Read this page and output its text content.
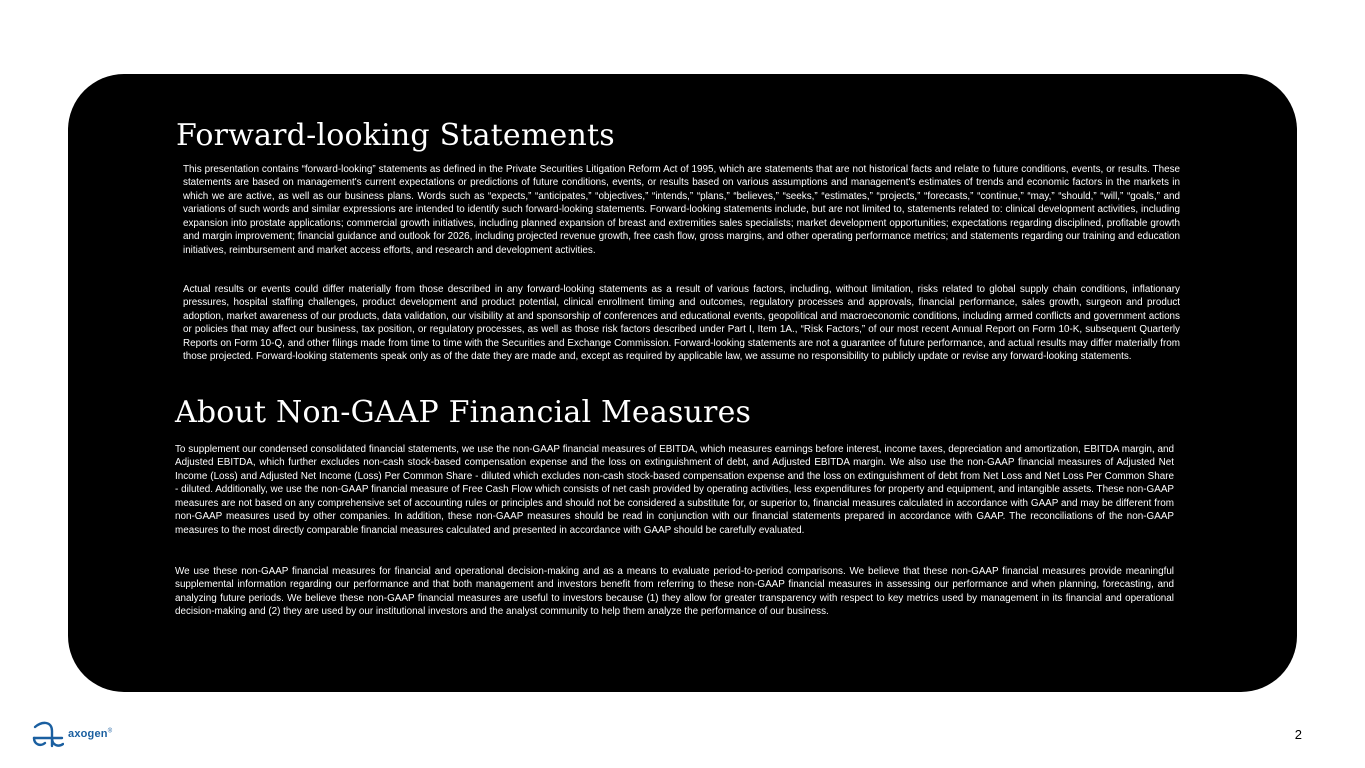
Forward-looking Statements

This presentation contains “forward-looking” statements as defined in the Private Securities Litigation Reform Act of 1995, which are statements that are not historical facts and relate to future conditions, events, or results. These statements are based on management's current expectations or predictions of future conditions, events, or results based on various assumptions and management's estimates of trends and economic factors in the markets in which we are active, as well as our business plans. Words such as “expects,” “anticipates,” “objectives,” “intends,” “plans,” “believes,” “seeks,” “estimates,” “projects,” “forecasts,” “continue,” “may,” “should,” “will,” “goals,” and variations of such words and similar expressions are intended to identify such forward-looking statements. Forward-looking statements include, but are not limited to, statements related to: clinical development activities, including expansion into prostate applications; commercial growth initiatives, including planned expansion of breast and extremities sales specialists; market development opportunities; expectations regarding disciplined, profitable growth and margin improvement; financial guidance and outlook for 2026, including projected revenue growth, free cash flow, gross margins, and other operating performance metrics; and statements regarding our training and education initiatives, reimbursement and market access efforts, and research and development activities.

Actual results or events could differ materially from those described in any forward-looking statements as a result of various factors, including, without limitation, risks related to global supply chain conditions, inflationary pressures, hospital staffing challenges, product development and product potential, clinical enrollment timing and outcomes, regulatory processes and approvals, financial performance, sales growth, surgeon and product adoption, market awareness of our products, data validation, our visibility at and sponsorship of conferences and educational events, geopolitical and macroeconomic conditions, including armed conflicts and government actions or policies that may affect our business, tax position, or regulatory processes, as well as those risk factors described under Part I, Item 1A., “Risk Factors,” of our most recent Annual Report on Form 10-K, subsequent Quarterly Reports on Form 10-Q, and other filings made from time to time with the Securities and Exchange Commission. Forward-looking statements are not a guarantee of future performance, and actual results may differ materially from those projected. Forward-looking statements speak only as of the date they are made and, except as required by applicable law, we assume no responsibility to publicly update or revise any forward-looking statements.

About Non-GAAP Financial Measures

To supplement our condensed consolidated financial statements, we use the non-GAAP financial measures of EBITDA, which measures earnings before interest, income taxes, depreciation and amortization, EBITDA margin, and Adjusted EBITDA, which further excludes non-cash stock-based compensation expense and the loss on extinguishment of debt, and Adjusted EBITDA margin. We also use the non-GAAP financial measures of Adjusted Net Income (Loss) and Adjusted Net Income (Loss) Per Common Share - diluted which excludes non-cash stock-based compensation expense and the loss on extinguishment of debt from Net Loss and Net Loss Per Common Share - diluted. Additionally, we use the non-GAAP financial measure of Free Cash Flow which consists of net cash provided by operating activities, less expenditures for property and equipment, and intangible assets. These non-GAAP measures are not based on any comprehensive set of accounting rules or principles and should not be considered a substitute for, or superior to, financial measures calculated in accordance with GAAP and may be different from non-GAAP measures used by other companies. In addition, these non-GAAP measures should be read in conjunction with our financial statements prepared in accordance with GAAP. The reconciliations of the non-GAAP measures to the most directly comparable financial measures calculated and presented in accordance with GAAP should be carefully evaluated.

We use these non-GAAP financial measures for financial and operational decision-making and as a means to evaluate period-to-period comparisons. We believe that these non-GAAP financial measures provide meaningful supplemental information regarding our performance and that both management and investors benefit from referring to these non-GAAP financial measures in assessing our performance and when planning, forecasting, and analyzing future periods. We believe these non-GAAP financial measures are useful to investors because (1) they allow for greater transparency with respect to key metrics used by management in its financial and operational decision-making and (2) they are used by our institutional investors and the analyst community to help them analyze the performance of our business.

axogen®	2
